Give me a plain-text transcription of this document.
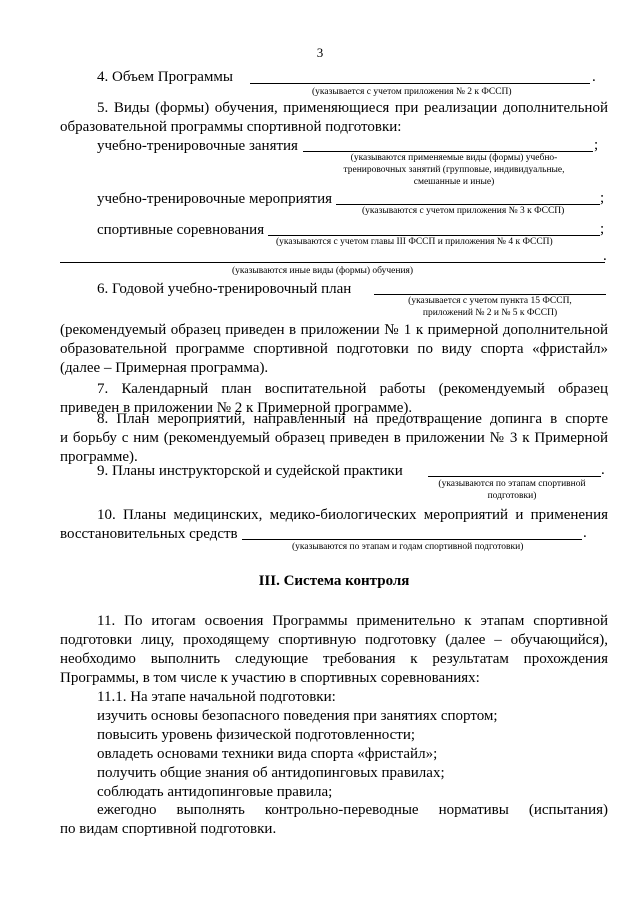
3
4. Объем Программы	.
(указывается с учетом приложения № 2 к ФССП)
5. Виды (формы) обучения, применяющиеся при реализации дополнительной
образовательной программы спортивной подготовки:
учебно-тренировочные занятия	;
(указываются применяемые виды (формы) учебно-
тренировочных занятий (групповые, индивидуальные,
смешанные и иные)
учебно-тренировочные мероприятия	;
(указываются с учетом приложения № 3 к ФССП)
спортивные соревнования	;
(указываются с учетом главы III ФССП и приложения № 4 к ФССП)
.
(указываются иные виды (формы) обучения)
6. Годовой учебно-тренировочный план
(указывается с учетом пункта 15 ФССП,
приложений № 2 и № 5 к ФССП)
(рекомендуемый образец приведен в приложении № 1 к примерной дополнительной
образовательной программе спортивной подготовки по виду спорта «фристайл»
(далее – Примерная программа).
7. Календарный план воспитательной работы (рекомендуемый образец
приведен в приложении № 2 к Примерной программе).
8. План мероприятий, направленный на предотвращение допинга в спорте
и борьбу с ним (рекомендуемый образец приведен в приложении № 3 к Примерной
программе).
9. Планы инструкторской и судейской практики	.
(указываются по этапам спортивной
подготовки)
10. Планы медицинских, медико-биологических мероприятий и применения
восстановительных средств	.
(указываются по этапам и годам спортивной подготовки)
III. Система контроля
11. По итогам освоения Программы применительно к этапам спортивной
подготовки лицу, проходящему спортивную подготовку (далее – обучающийся),
необходимо выполнить следующие требования к результатам прохождения
Программы, в том числе к участию в спортивных соревнованиях:
11.1. На этапе начальной подготовки:
изучить основы безопасного поведения при занятиях спортом;
повысить уровень физической подготовленности;
овладеть основами техники вида спорта «фристайл»;
получить общие знания об антидопинговых правилах;
соблюдать антидопинговые правила;
ежегодно выполнять контрольно-переводные нормативы (испытания)
по видам спортивной подготовки.
